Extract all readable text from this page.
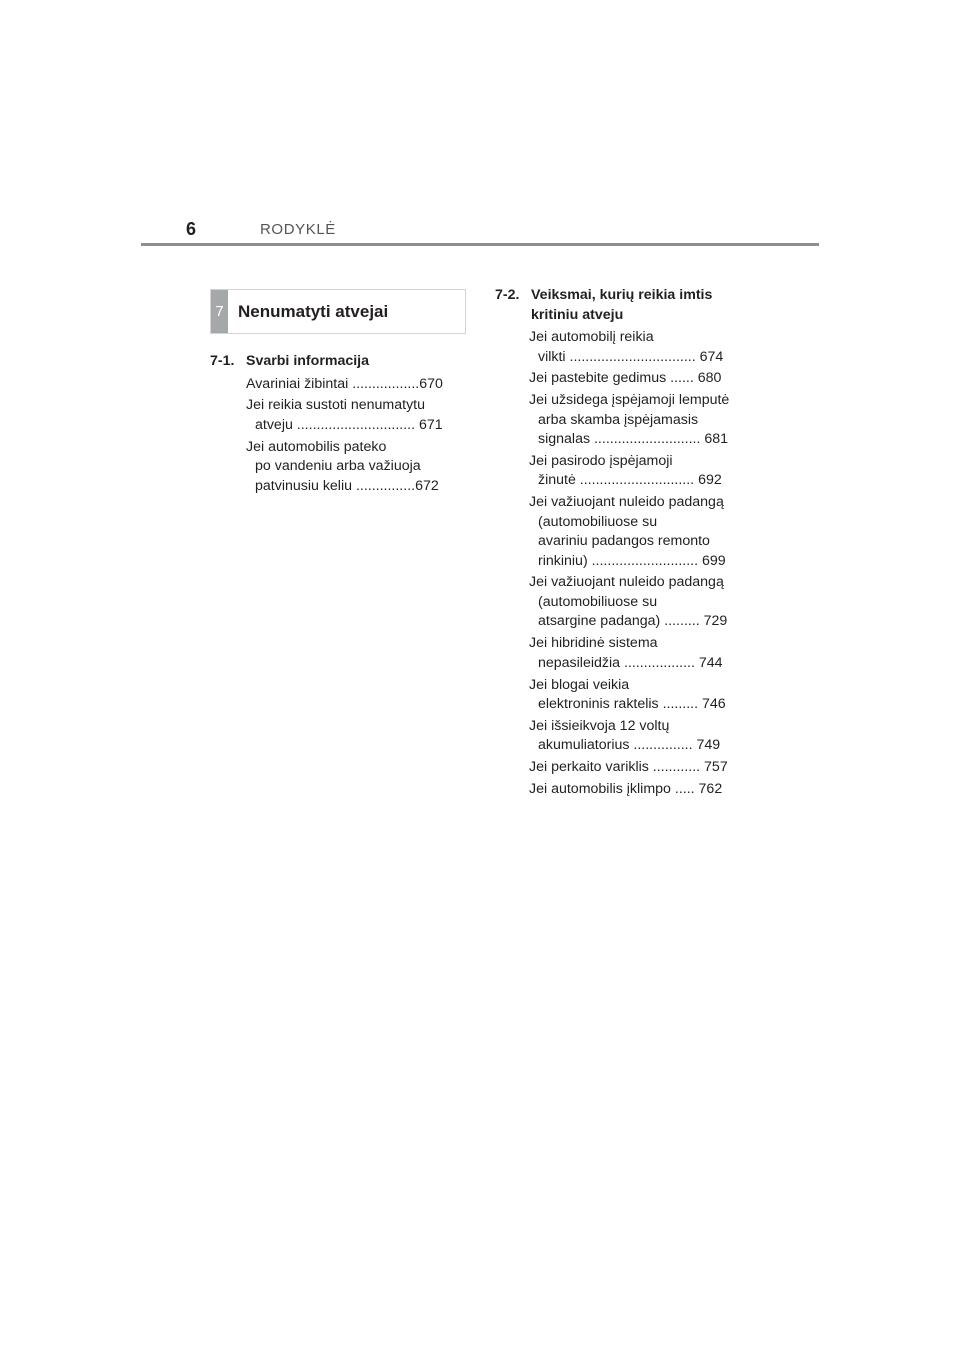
6	RODYKLĖ
7 Nenumatyti atvejai
7-1. Svarbi informacija
Avariniai žibintai .................670
Jei reikia sustoti nenumatytu
atveju .............................. 671
Jei automobilis pateko
po vandeniu arba važiuoja
patvinusiu keliu ...............672
7-2. Veiksmai, kurių reikia imtis kritiniu atveju
Jei automobilį reikia
vilkti ................................ 674
Jei pastebite gedimus ...... 680
Jei užsidega įspėjamoji lemputė
arba skamba įspėjamasis
signalas ........................... 681
Jei pasirodo įspėjamoji
žinutė ............................. 692
Jei važiuojant nuleido padangą
(automobiliuose su
avariniu padangos remonto
rinkiniu) ........................... 699
Jei važiuojant nuleido padangą
(automobiliuose su
atsargine padanga) ......... 729
Jei hibridinė sistema
nepasileidžia .................. 744
Jei blogai veikia
elektroninis raktelis ......... 746
Jei išsieikvoja 12 voltų
akumuliatorius ............... 749
Jei perkaito variklis ............ 757
Jei automobilis įklimpo ..... 762
